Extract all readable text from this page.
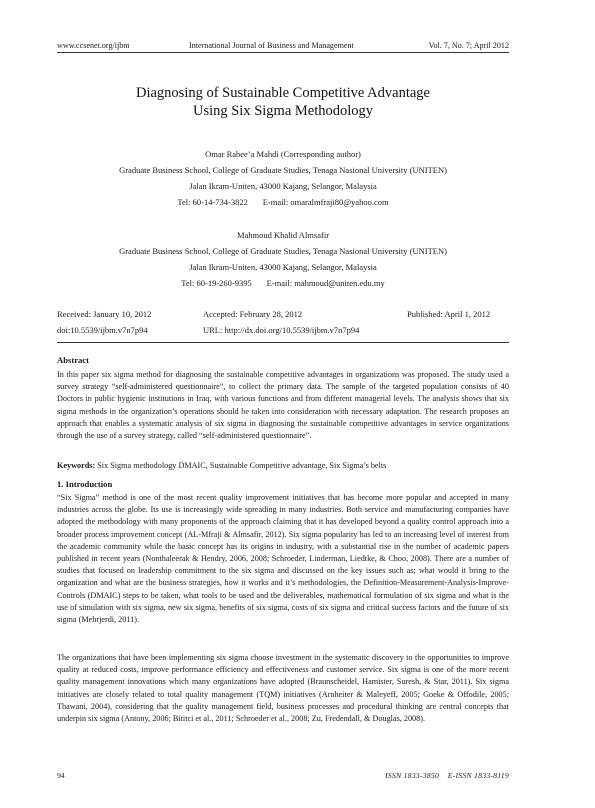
www.ccsenet.org/ijbm	International Journal of Business and Management	Vol. 7, No. 7; April 2012
Diagnosing of Sustainable Competitive Advantage
Using Six Sigma Methodology
Omar Rabee’a Mahdi (Corresponding author)
Graduate Business School, College of Graduate Studies, Tenaga Nasional University (UNITEN)
Jalan Ikram-Uniten, 43000 Kajang, Selangor, Malaysia
Tel: 60-14-734-3822       E-mail: omaralmfraji80@yahoo.com
Mahmoud Khalid Almsafir
Graduate Business School, College of Graduate Studies, Tenaga Nasional University (UNITEN)
Jalan Ikram-Uniten, 43000 Kajang, Selangor, Malaysia
Tel: 60-19-260-9395       E-mail: mahmoud@uniten.edu.my
Received: January 10, 2012	Accepted: February 28, 2012	Published: April 1, 2012
doi:10.5539/ijbm.v7n7p94	URL: http://dx.doi.org/10.5539/ijbm.v7n7p94
Abstract

In this paper six sigma method for diagnosing the sustainable competitive advantages in organizations was proposed. The study used a survey strategy “self-administered questionnaire”, to collect the primary data. The sample of the targeted population consists of 40 Doctors in public hygienic institutions in Iraq, with various functions and from different managerial levels. The analysis shows that six sigma methods in the organization’s operations should be taken into consideration with necessary adaptation. The research proposes an approach that enables a systematic analysis of six sigma in diagnosing the sustainable competitive advantages in service organizations through the use of a survey strategy, called “self-administered questionnaire”.

Keywords: Six Sigma methodology DMAIC, Sustainable Competitive advantage, Six Sigma’s belts

1. Introduction

“Six Sigma” method is one of the most recent quality improvement initiatives that has become more popular and accepted in many industries across the globe. Its use is increasingly wide spreading in many industries. Both service and manufacturing companies have adopted the methodology with many proponents of the approach claiming that it has developed beyond a quality control approach into a broader process improvement concept (AL-Mfraji & Almsafir, 2012). Six sigma popularity has led to an increasing level of interest from the academic community while the basic concept has its origins in industry, with a substantial rise in the number of academic papers published in recent years (Nonthaleerak & Hendry, 2006, 2008; Schroeder, Linderman, Liedtke, & Choo, 2008). There are a number of studies that focused on leadership commitment to the six sigma and discussed on the key issues such as; what would it bring to the organization and what are the business strategies, how it works and it’s methodologies, the Definition-Measurement-Analysis-Improve-Controls (DMAIC) steps to be taken, what tools to be used and the deliverables, mathematical formulation of six sigma and what is the use of simulation with six sigma, new six sigma, benefits of six sigma, costs of six sigma and critical success factors and the future of six sigma (Mehrjerdi, 2011).

The organizations that have been implementing six sigma choose investment in the systematic discovery to the opportunities to improve quality at reduced costs, improve performance efficiency and effectiveness and customer service. Six sigma is one of the more recent quality management innovations which many organizations have adopted (Braunscheidel, Hamister, Suresh, & Star, 2011). Six sigma initiatives are closely related to total quality management (TQM) initiatives (Arnheiter & Maleyeff, 2005; Goeke & Offodile, 2005; Thawani, 2004), considering that the quality management field, business processes and procedural thinking are central concepts that underpin six sigma (Antony, 2006; Bititci et al., 2011; Schroeder et al., 2008; Zu, Fredendall, & Douglas, 2008).

94	ISSN 1833-3850    E-ISSN 1833-8119
